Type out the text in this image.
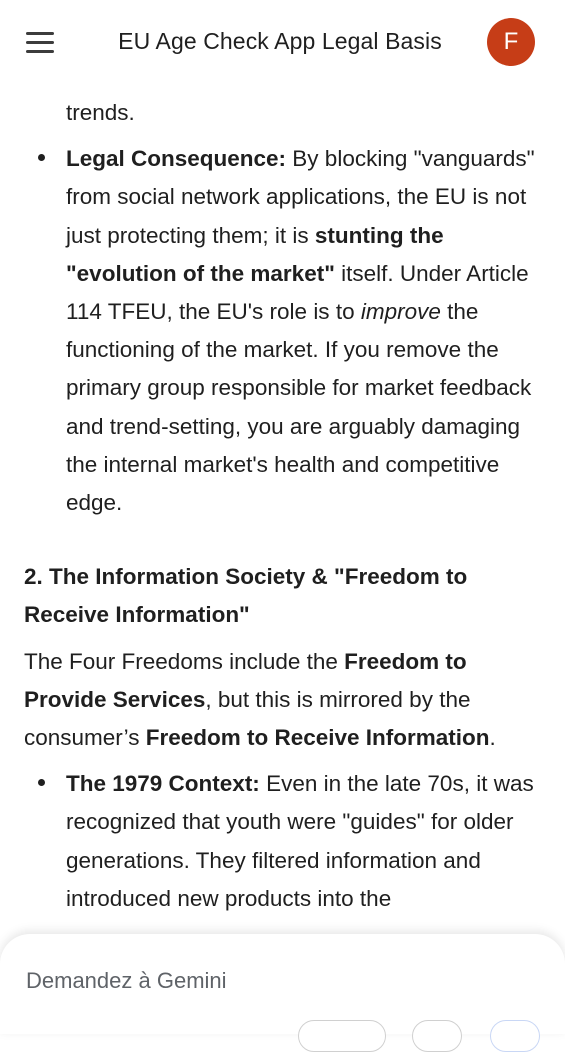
EU Age Check App Legal Basis	F

trends.

Legal Consequence: By blocking "vanguards" from social network applications, the EU is not just protecting them; it is stunting the "evolution of the market" itself. Under Article 114 TFEU, the EU's role is to improve the functioning of the market. If you remove the primary group responsible for market feedback and trend-setting, you are arguably damaging the internal market's health and competitive edge.

2. The Information Society & "Freedom to Receive Information"

The Four Freedoms include the Freedom to Provide Services, but this is mirrored by the consumer’s Freedom to Receive Information.

The 1979 Context: Even in the late 70s, it was recognized that youth were "guides" for older generations. They filtered information and introduced new products into the

Demandez à Gemini
